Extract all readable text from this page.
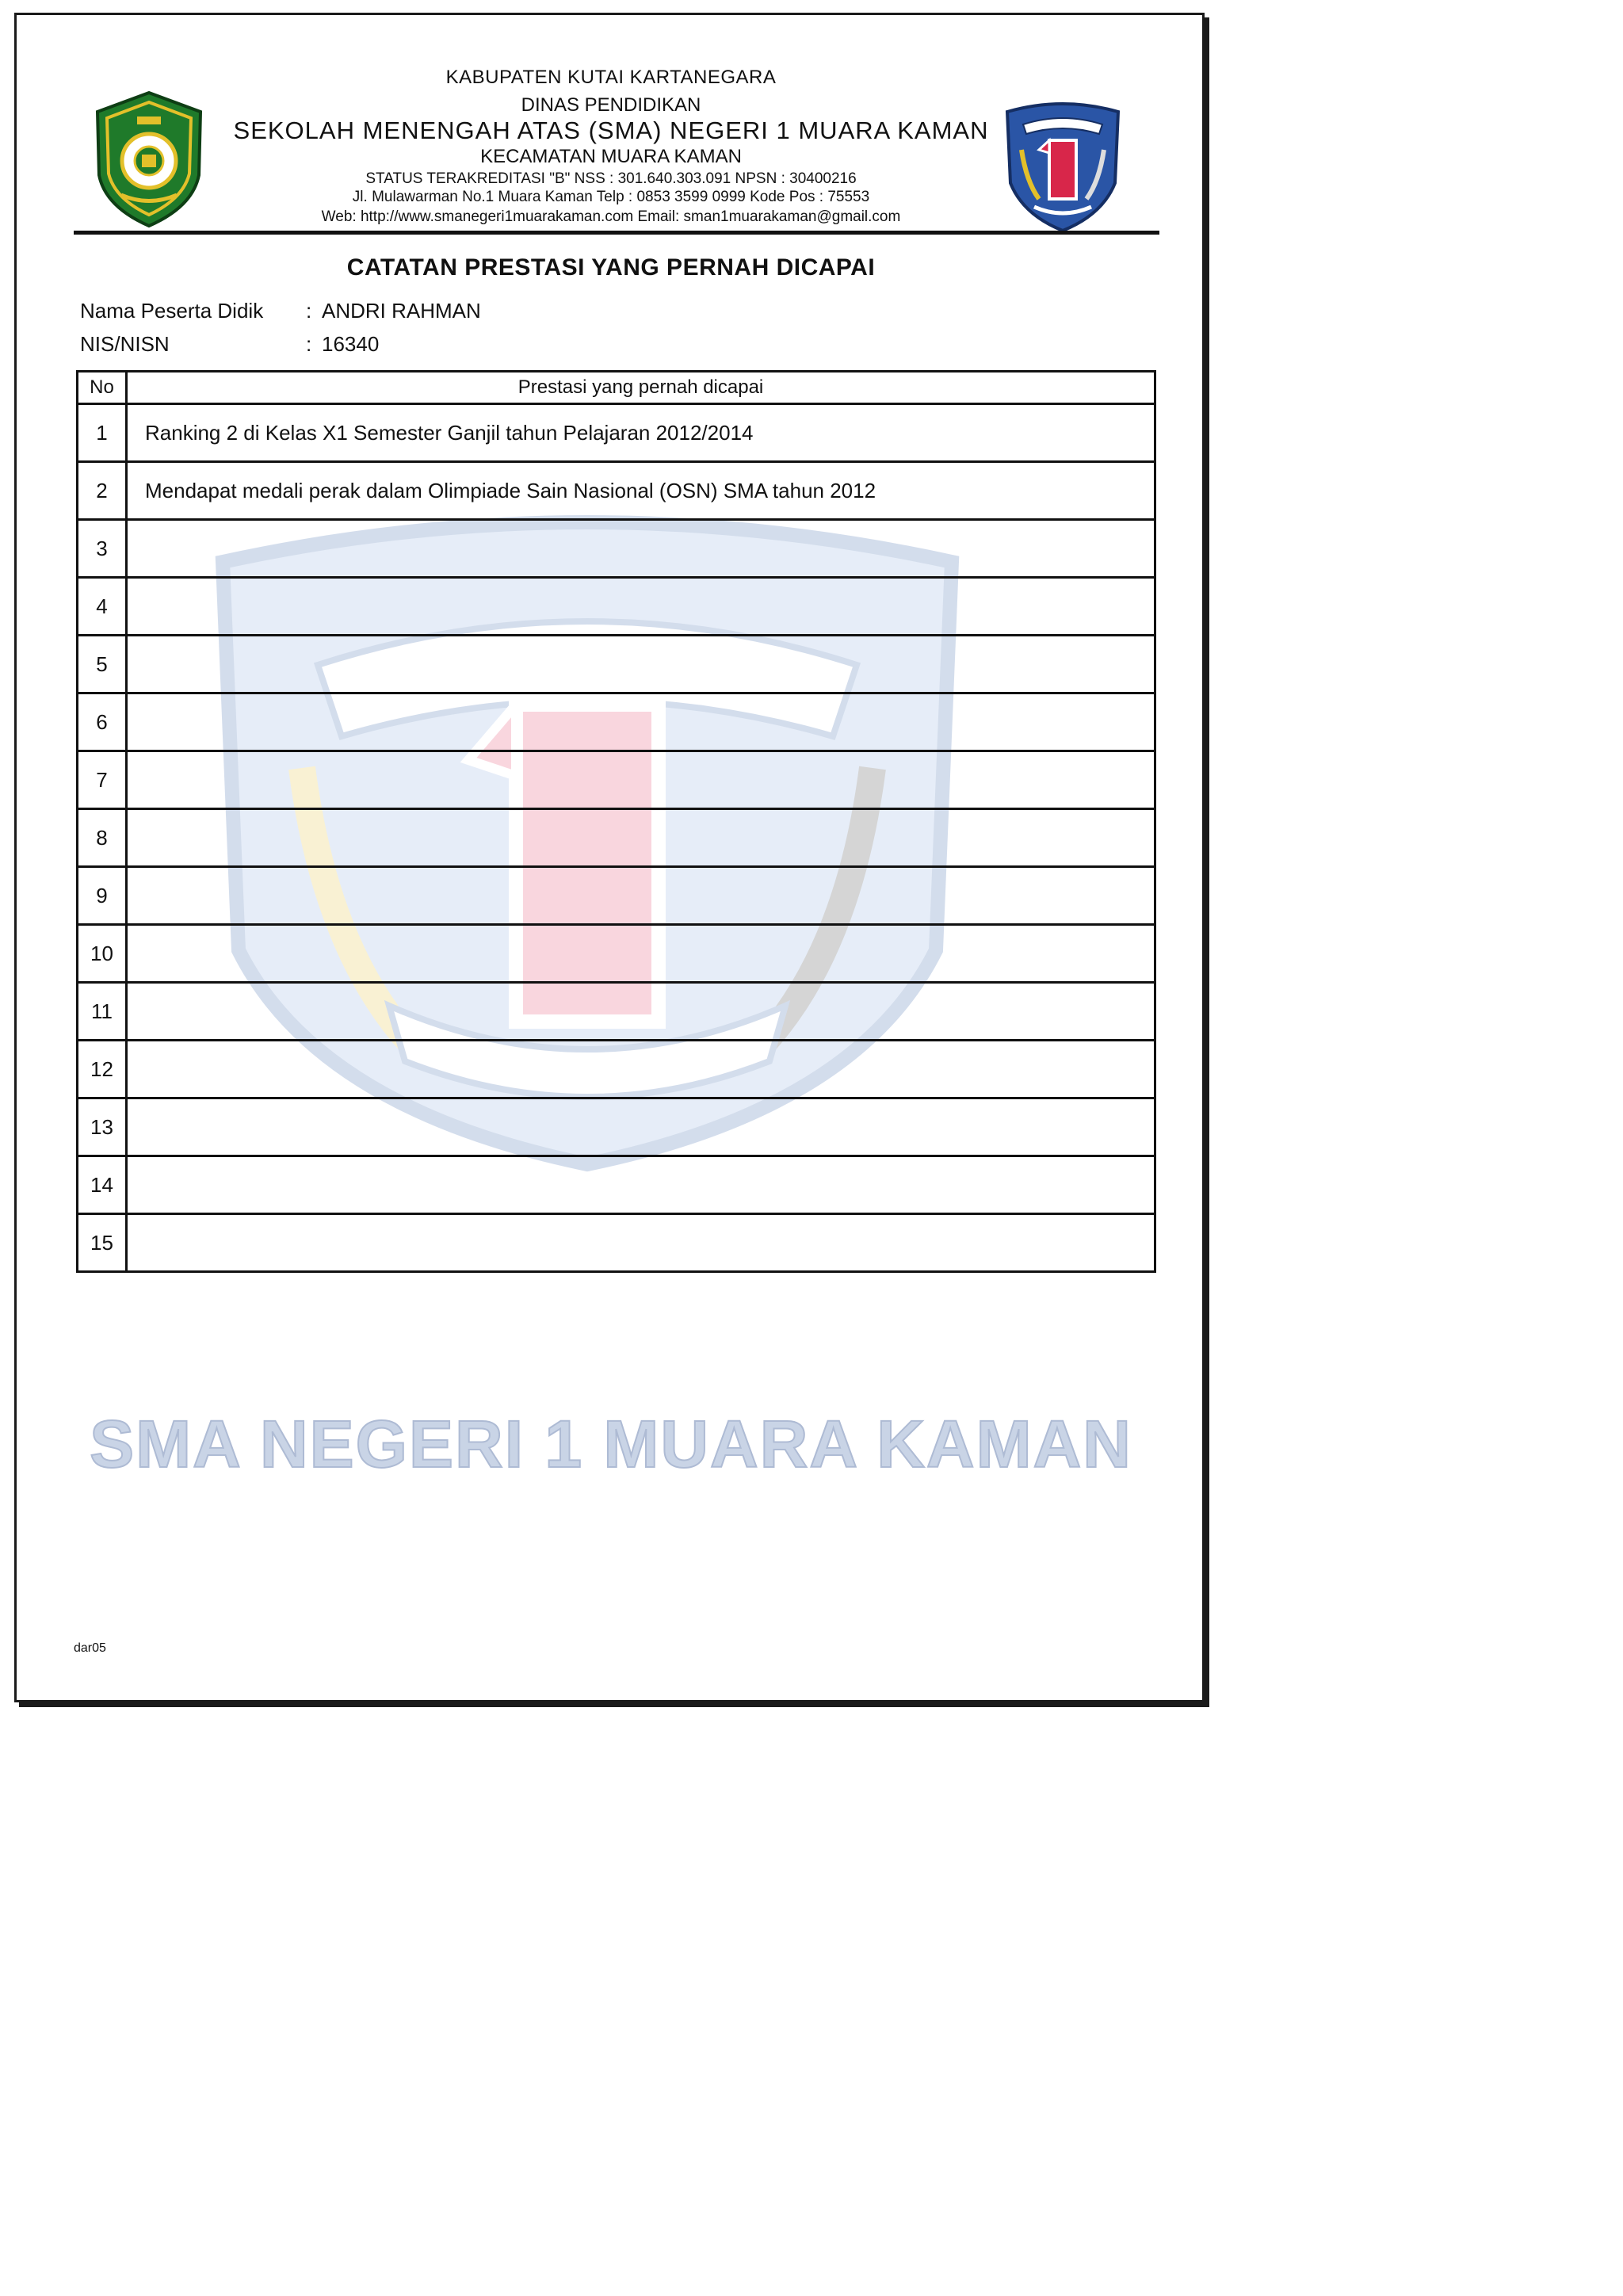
1
KABUPATEN KUTAI KARTANEGARA
DINAS PENDIDIKAN
SEKOLAH MENENGAH ATAS (SMA) NEGERI 1 MUARA KAMAN
KECAMATAN MUARA KAMAN
STATUS TERAKREDITASI "B" NSS : 301.640.303.091 NPSN : 30400216
Jl. Mulawarman No.1 Muara Kaman Telp : 0853 3599 0999 Kode Pos : 75553
Web: http://www.smanegeri1muarakaman.com Email: sman1muarakaman@gmail.com
CATATAN PRESTASI YANG PERNAH DICAPAI
Nama Peserta Didik : ANDRI RAHMAN
NIS/NISN	: 16340
No	Prestasi yang pernah dicapai
1	Ranking 2 di Kelas X1 Semester Ganjil tahun Pelajaran 2012/2014
2	Mendapat medali perak dalam Olimpiade Sain Nasional (OSN) SMA tahun 2012
3	
4	
5	
6	
7	
8	
9	
10	
11	
12	
13	
14	
15	
SMA NEGERI 1 MUARA KAMAN
dar05
